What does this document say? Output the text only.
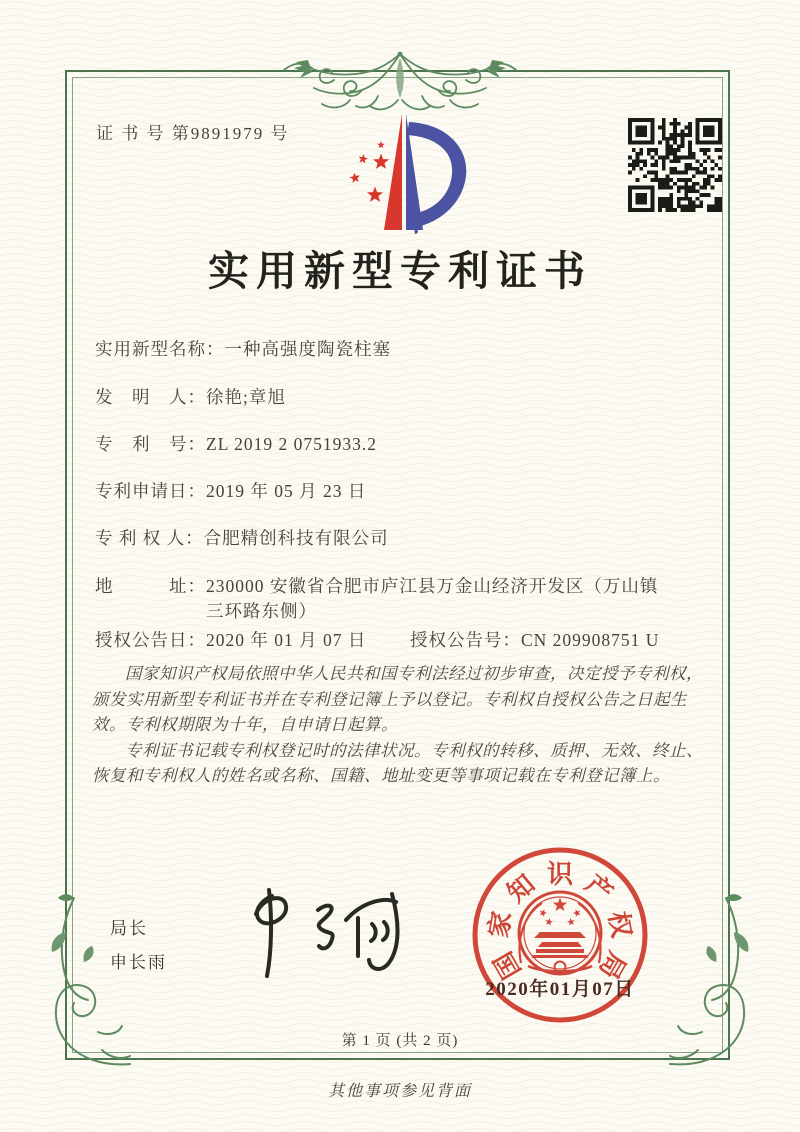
证 书 号 第9891979 号
实用新型专利证书
实用新型名称： 一种高强度陶瓷柱塞
发　明　人： 徐艳;章旭
专　利　号： ZL 2019 2 0751933.2
专利申请日： 2019 年 05 月 23 日
专 利 权 人： 合肥精创科技有限公司
地　　　址： 230000 安徽省合肥市庐江县万金山经济开发区（万山镇
三环路东侧）
授权公告日： 2020 年 01 月 07 日 授权公告号： CN 209908751 U

国家知识产权局依照中华人民共和国专利法经过初步审查，决定授予专利权，颁发实用新型专利证书并在专利登记簿上予以登记。专利权自授权公告之日起生效。专利权期限为十年，自申请日起算。

专利证书记载专利权登记时的法律状况。专利权的转移、质押、无效、终止、恢复和专利权人的姓名或名称、国籍、地址变更等事项记载在专利登记簿上。

局长
申长雨	国
家
知 识 产
权
局
2020年01月07日
第 1 页 (共 2 页)
其他事项参见背面
